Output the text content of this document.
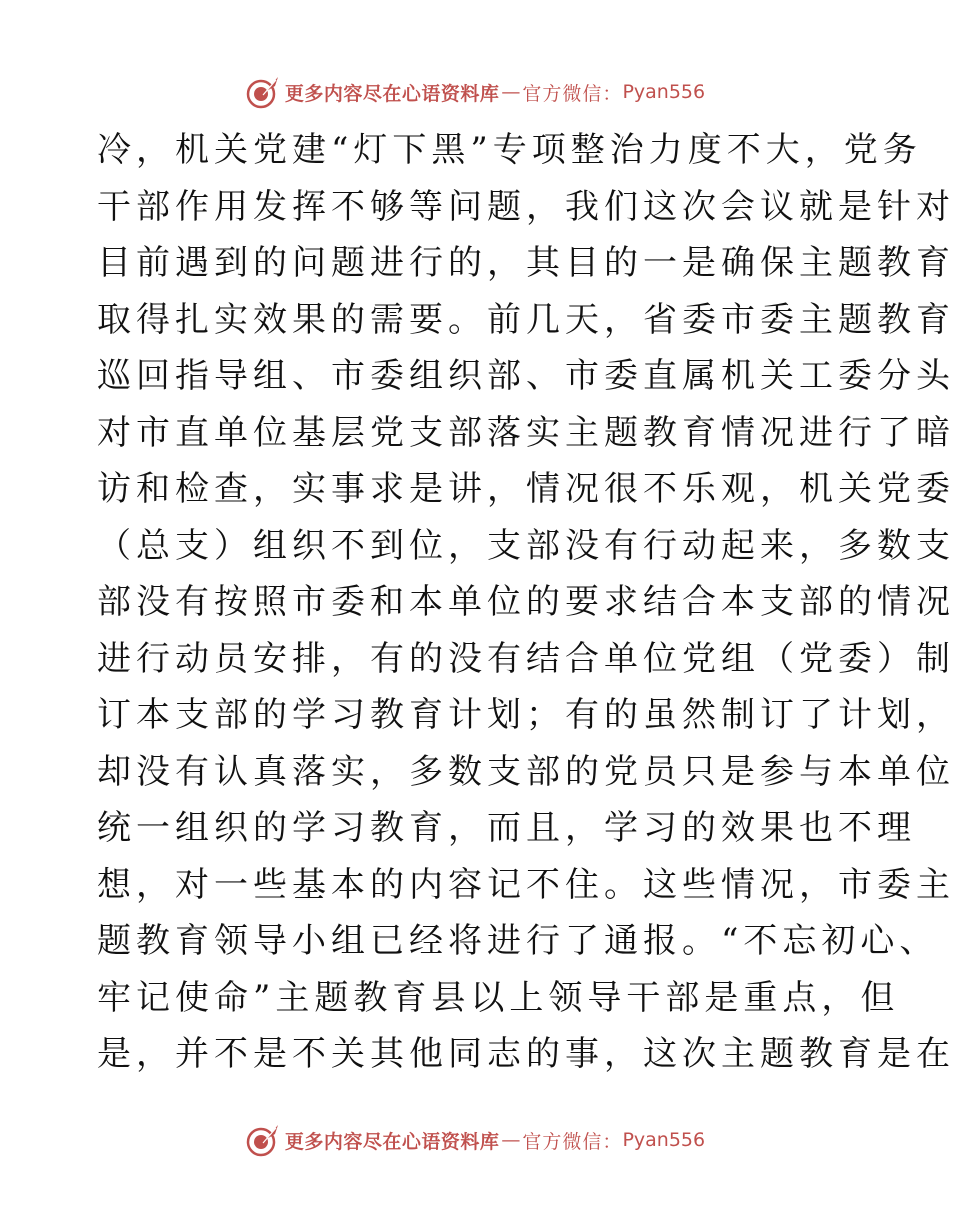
更多内容尽在心语资料库 — 官方微信： Pyan556
冷，机关党建“灯下黑”专项整治力度不大，党务
干部作用发挥不够等问题，我们这次会议就是针对
目前遇到的问题进行的，其目的一是确保主题教育
取得扎实效果的需要。前几天，省委市委主题教育
巡回指导组、市委组织部、市委直属机关工委分头
对市直单位基层党支部落实主题教育情况进行了暗
访和检查，实事求是讲，情况很不乐观，机关党委
（总支）组织不到位，支部没有行动起来，多数支
部没有按照市委和本单位的要求结合本支部的情况
进行动员安排，有的没有结合单位党组（党委）制
订本支部的学习教育计划；有的虽然制订了计划，
却没有认真落实，多数支部的党员只是参与本单位
统一组织的学习教育，而且，学习的效果也不理
想，对一些基本的内容记不住。这些情况，市委主
题教育领导小组已经将进行了通报。“不忘初心、
牢记使命”主题教育县以上领导干部是重点，但
是，并不是不关其他同志的事，这次主题教育是在
更多内容尽在心语资料库 — 官方微信： Pyan556
